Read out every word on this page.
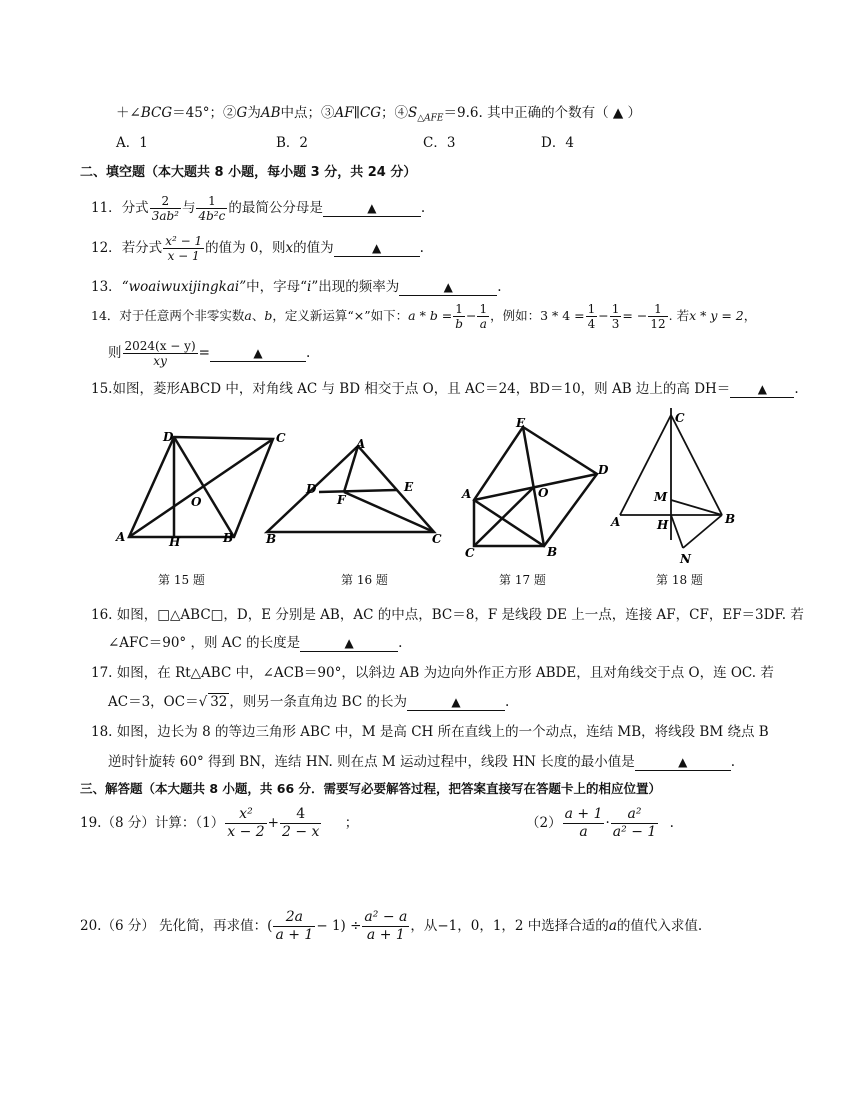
＋∠BCG＝45°；②G为AB中点；③AF∥CG；$④S_{\triangle AFE}=9.6$. 其中正确的个数有（ ▲ ）
A．1	B．2	C．3	D．4
二、填空题（本大题共 8 小题，每小题 3 分，共 24 分）
11．分式 $\frac{2}{\text{3ab²}}$ 与 $\frac{1}{\text{4b²c}}$ 的最简公分母是	▲	.
12．若分式 $\frac{\text{x² − 1}}{x - 1}$ 的值为 0，则x的值为	▲	.
13．“woaiwuxijingkai”中，字母“i”出现的频率为	▲	.
14．对于任意两个非零实数a、b，定义新运算“×”如下：$a * b = \frac{1}{b} - \frac{1}{a}$ ，例如：$3 * 4 = \frac{1}{4} - \frac{1}{3}$ = − $\frac{1}{12}$ . 若x * y = 2，
则 $\frac{2024(x - y)}{xy}$ =	▲	.
15.如图，菱形ABCD 中，对角线 AC 与 BD 相交于点 O，且 AC＝24，BD＝10，则 AB 边上的高 DH＝ ▲ .
D	C
O
A	H	B
A
D	E
F
B	C
E
D
A	O
C	B
C
M
A	H	B
N
第 15 题	第 16 题	第 17 题	第 18 题
16. 如图，□△ABC□，D，E 分别是 AB，AC 的中点，BC＝8，F 是线段 DE 上一点，连接 AF，CF，EF＝3DF. 若
∠AFC＝90° ，则 AC 的长度是	▲	.
17. 如图，在 Rt△ABC 中，∠ACB＝90°，以斜边 AB 为边向外作正方形 ABDE，且对角线交于点 O，连 OC. 若
AC＝3，OC＝√ 32 ，则另一条直角边 BC 的长为	▲	.
18. 如图，边长为 8 的等边三角形 ABC 中，M 是高 CH 所在直线上的一个动点，连结 MB，将线段 BM 绕点 B
逆时针旋转 60° 得到 BN，连结 HN. 则在点 M 运动过程中，线段 HN 长度的最小值是	▲	.
三、解答题（本大题共 8 小题，共 66 分．需要写必要解答过程，把答案直接写在答题卡上的相应位置）
19.（8 分）计算：$(1) \frac{\text{x²}}{x - 2} + \frac{4}{2 - x}$ ；	$(2) \frac{a + 1}{a} \cdot \frac{\text{a²}}{\text{a² − 1}}$ .
20.（6 分） 先化简，再求值：( $\frac{2a}{a + 1} - 1) \div \frac{\text{a² − a}}{a + 1}$ ，从−1，0，1，2 中选择合适的a的值代入求值.
